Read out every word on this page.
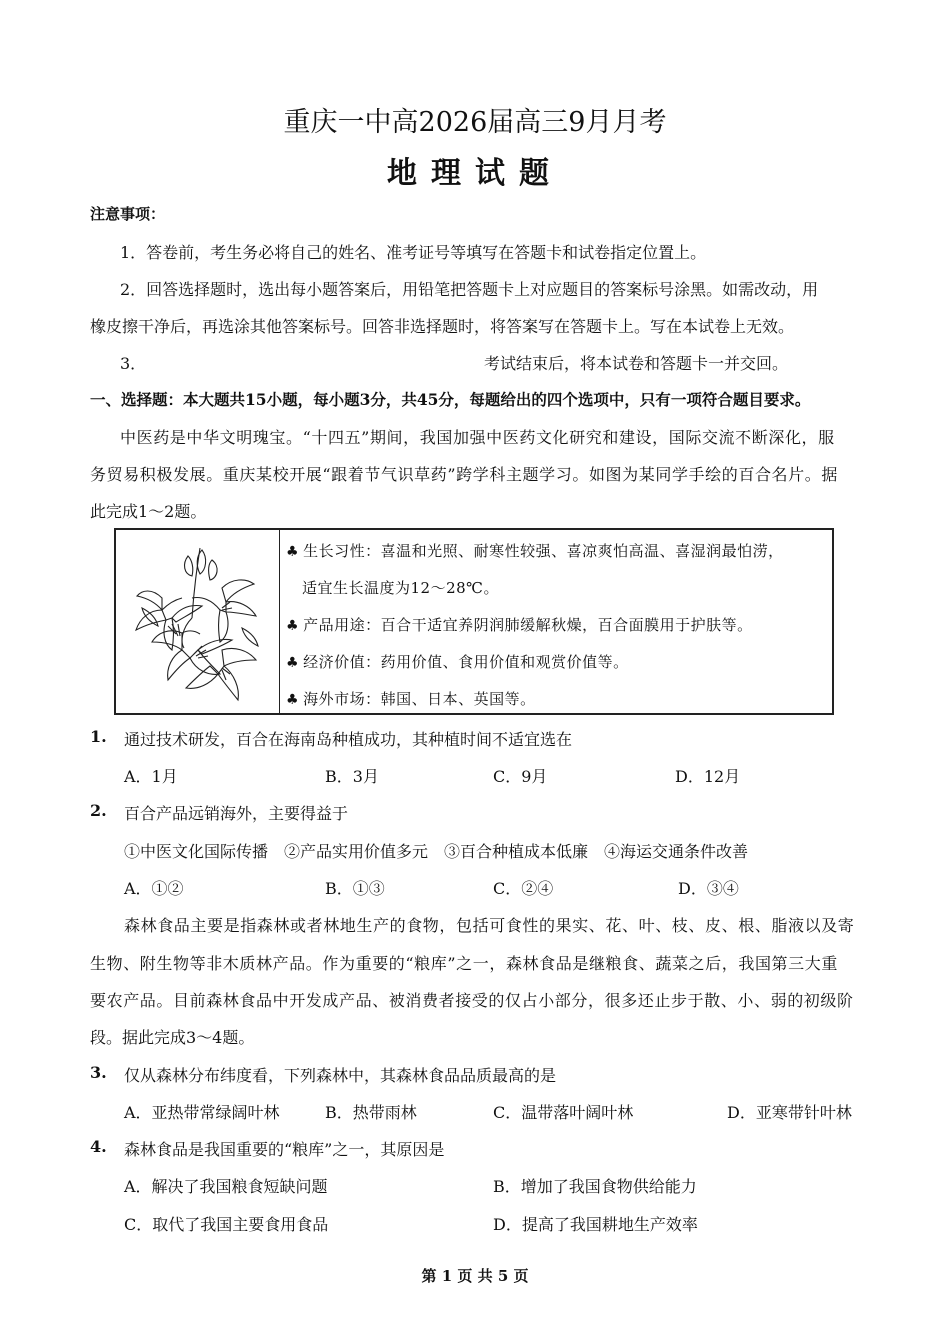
重庆一中高2026届高三9月月考
地理试题
注意事项：
1．答卷前，考生务必将自己的姓名、准考证号等填写在答题卡和试卷指定位置上。
2．回答选择题时，选出每小题答案后，用铅笔把答题卡上对应题目的答案标号涂黑。如需改动，用
橡皮擦干净后，再选涂其他答案标号。回答非选择题时，将答案写在答题卡上。写在本试卷上无效。
3．	考试结束后，将本试卷和答题卡一并交回。
一、选择题：本大题共15小题，每小题3分，共45分，每题给出的四个选项中，只有一项符合题目要求。
中医药是中华文明瑰宝。“十四五”期间，我国加强中医药文化研究和建设，国际交流不断深化，服
务贸易积极发展。重庆某校开展“跟着节气识草药”跨学科主题学习。如图为某同学手绘的百合名片。据
此完成1～2题。
♣ 生长习性：喜温和光照、耐寒性较强、喜凉爽怕高温、喜湿润最怕涝，
适宜生长温度为12～28℃。
♣ 产品用途：百合干适宜养阴润肺缓解秋燥，百合面膜用于护肤等。
♣ 经济价值：药用价值、食用价值和观赏价值等。
♣ 海外市场：韩国、日本、英国等。
1. 通过技术研发，百合在海南岛种植成功，其种植时间不适宜选在
A．1月	B．3月	C．9月	D．12月
2. 百合产品远销海外，主要得益于
①中医文化国际传播　②产品实用价值多元　③百合种植成本低廉　④海运交通条件改善
A．①②	B．①③	C．②④	D．③④
森林食品主要是指森林或者林地生产的食物，包括可食性的果实、花、叶、枝、皮、根、脂液以及寄
生物、附生物等非木质林产品。作为重要的“粮库”之一，森林食品是继粮食、蔬菜之后，我国第三大重
要农产品。目前森林食品中开发成产品、被消费者接受的仅占小部分，很多还止步于散、小、弱的初级阶
段。据此完成3～4题。
3. 仅从森林分布纬度看，下列森林中，其森林食品品质最高的是
A．亚热带常绿阔叶林	B．热带雨林	C．温带落叶阔叶林	D．亚寒带针叶林
4. 森林食品是我国重要的“粮库”之一，其原因是
A．解决了我国粮食短缺问题	B．增加了我国食物供给能力
C．取代了我国主要食用食品	D．提高了我国耕地生产效率
第 1 页 共 5 页
